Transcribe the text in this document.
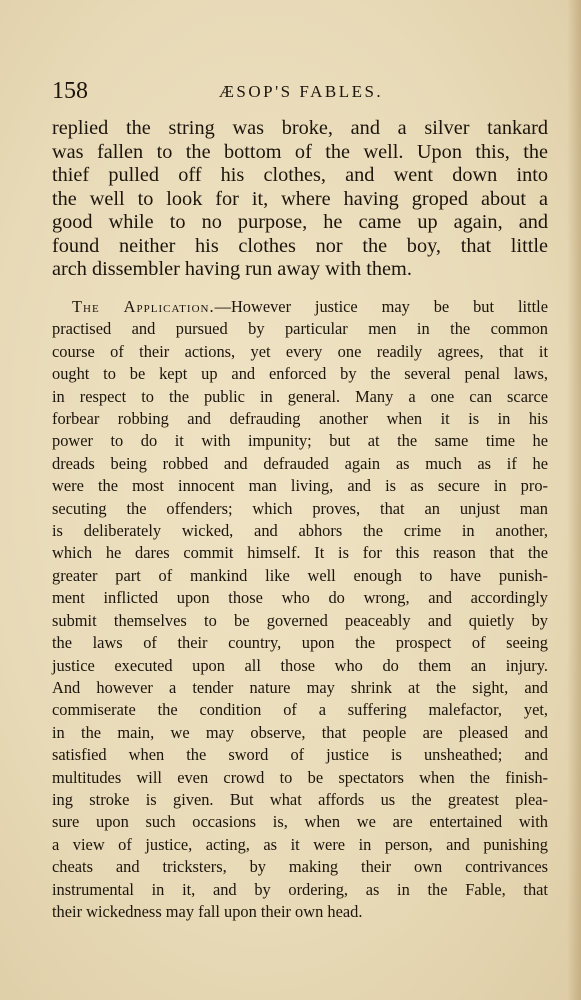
158	ÆSOP'S FABLES.
replied the string was broke, and a silver tankard
was fallen to the bottom of the well. Upon this, the
thief pulled off his clothes, and went down into
the well to look for it, where having groped about a
good while to no purpose, he came up again, and
found neither his clothes nor the boy, that little
arch dissembler having run away with them.
The Application.—However justice may be but little
practised and pursued by particular men in the common
course of their actions, yet every one readily agrees, that it
ought to be kept up and enforced by the several penal laws,
in respect to the public in general. Many a one can scarce
forbear robbing and defrauding another when it is in his
power to do it with impunity; but at the same time he
dreads being robbed and defrauded again as much as if he
were the most innocent man living, and is as secure in pro-
secuting the offenders; which proves, that an unjust man
is deliberately wicked, and abhors the crime in another,
which he dares commit himself. It is for this reason that the
greater part of mankind like well enough to have punish-
ment inflicted upon those who do wrong, and accordingly
submit themselves to be governed peaceably and quietly by
the laws of their country, upon the prospect of seeing
justice executed upon all those who do them an injury.
And however a tender nature may shrink at the sight, and
commiserate the condition of a suffering malefactor, yet,
in the main, we may observe, that people are pleased and
satisfied when the sword of justice is unsheathed; and
multitudes will even crowd to be spectators when the finish-
ing stroke is given. But what affords us the greatest plea-
sure upon such occasions is, when we are entertained with
a view of justice, acting, as it were in person, and punishing
cheats and tricksters, by making their own contrivances
instrumental in it, and by ordering, as in the Fable, that
their wickedness may fall upon their own head.
